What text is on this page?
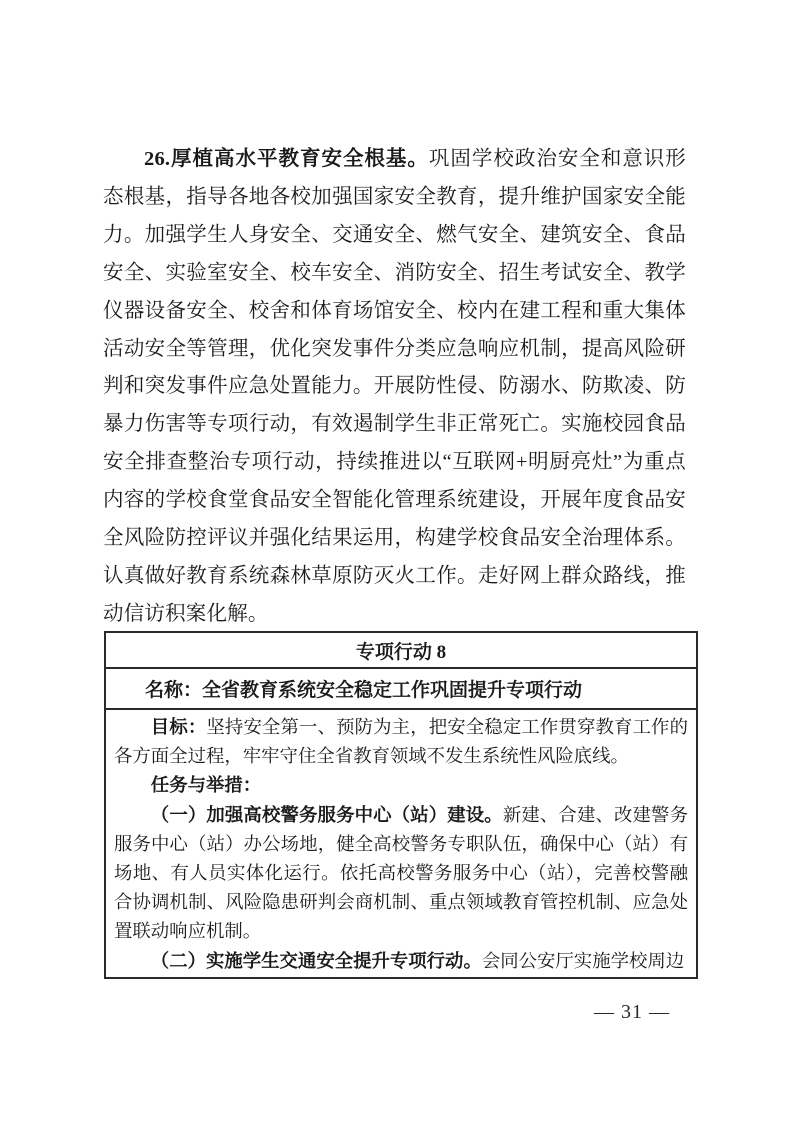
26.厚植高水平教育安全根基。巩固学校政治安全和意识形态根基，指导各地各校加强国家安全教育，提升维护国家安全能力。加强学生人身安全、交通安全、燃气安全、建筑安全、食品安全、实验室安全、校车安全、消防安全、招生考试安全、教学仪器设备安全、校舍和体育场馆安全、校内在建工程和重大集体活动安全等管理，优化突发事件分类应急响应机制，提高风险研判和突发事件应急处置能力。开展防性侵、防溺水、防欺凌、防暴力伤害等专项行动，有效遏制学生非正常死亡。实施校园食品安全排查整治专项行动，持续推进以“互联网+明厨亮灶”为重点内容的学校食堂食品安全智能化管理系统建设，开展年度食品安全风险防控评议并强化结果运用，构建学校食品安全治理体系。认真做好教育系统森林草原防灭火工作。走好网上群众路线，推动信访积案化解。

专项行动 8
名称：全省教育系统安全稳定工作巩固提升专项行动

目标：坚持安全第一、预防为主，把安全稳定工作贯穿教育工作的各方面全过程，牢牢守住全省教育领域不发生系统性风险底线。

任务与举措：

（一）加强高校警务服务中心（站）建设。新建、合建、改建警务服务中心（站）办公场地，健全高校警务专职队伍，确保中心（站）有场地、有人员实体化运行。依托高校警务服务中心（站），完善校警融合协调机制、风险隐患研判会商机制、重点领域教育管控机制、应急处置联动响应机制。

（二）实施学生交通安全提升专项行动。会同公安厅实施学校周边

— 31 —
